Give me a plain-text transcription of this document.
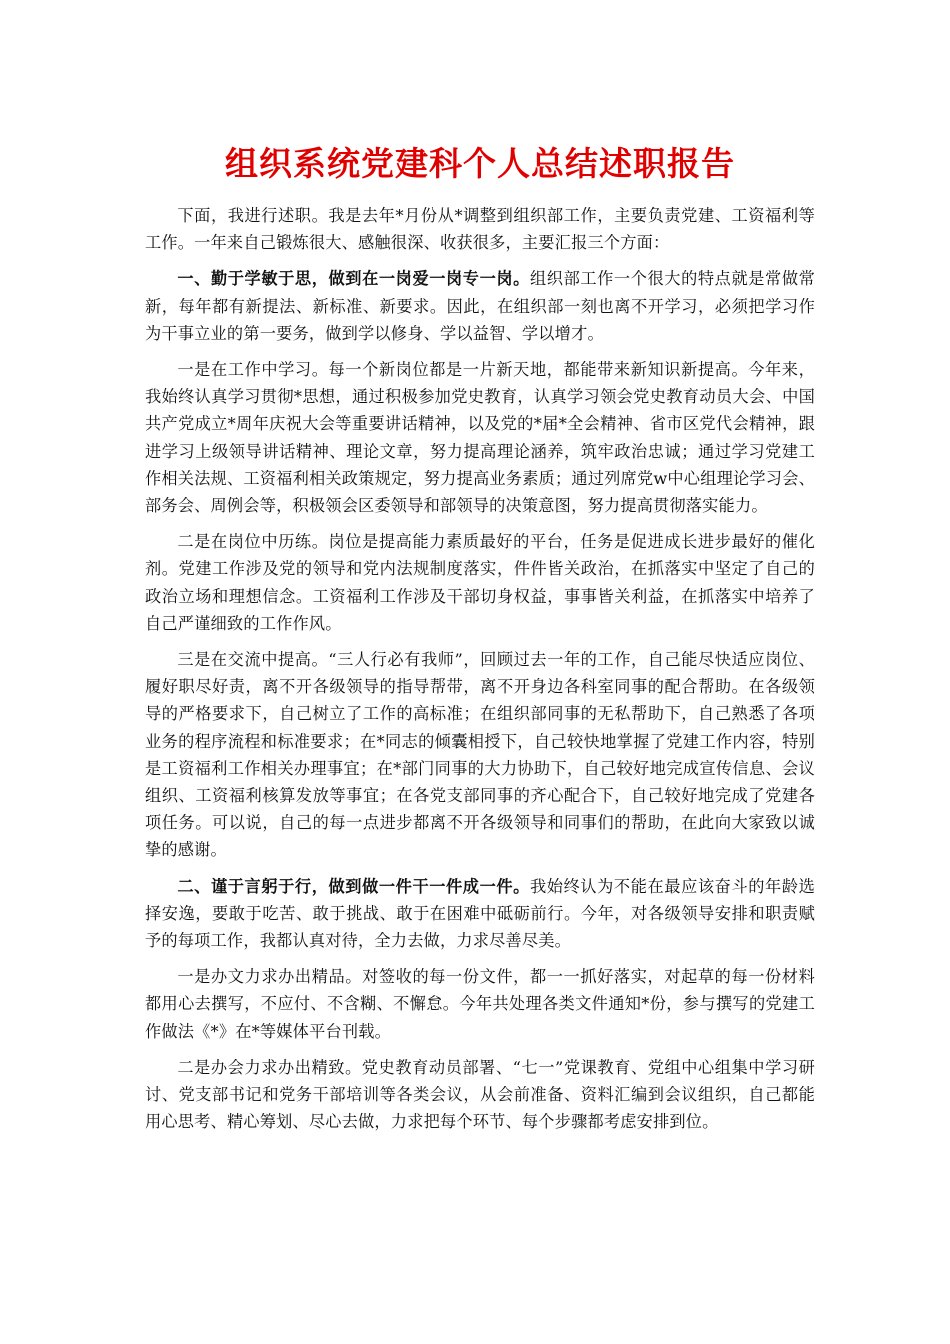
组织系统党建科个人总结述职报告

下面，我进行述职。我是去年*月份从*调整到组织部工作，主要负责党建、工资福利等工作。一年来自己锻炼很大、感触很深、收获很多，主要汇报三个方面：

一、勤于学敏于思，做到在一岗爱一岗专一岗。组织部工作一个很大的特点就是常做常新，每年都有新提法、新标准、新要求。因此，在组织部一刻也离不开学习，必须把学习作为干事立业的第一要务，做到学以修身、学以益智、学以增才。

一是在工作中学习。每一个新岗位都是一片新天地，都能带来新知识新提高。今年来，我始终认真学习贯彻*思想，通过积极参加党史教育，认真学习领会党史教育动员大会、中国共产党成立*周年庆祝大会等重要讲话精神，以及党的*届*全会精神、省市区党代会精神，跟进学习上级领导讲话精神、理论文章，努力提高理论涵养，筑牢政治忠诚；通过学习党建工作相关法规、工资福利相关政策规定，努力提高业务素质；通过列席党w中心组理论学习会、部务会、周例会等，积极领会区委领导和部领导的决策意图，努力提高贯彻落实能力。

二是在岗位中历练。岗位是提高能力素质最好的平台，任务是促进成长进步最好的催化剂。党建工作涉及党的领导和党内法规制度落实，件件皆关政治，在抓落实中坚定了自己的政治立场和理想信念。工资福利工作涉及干部切身权益，事事皆关利益，在抓落实中培养了自己严谨细致的工作作风。

三是在交流中提高。“三人行必有我师”，回顾过去一年的工作，自己能尽快适应岗位、履好职尽好责，离不开各级领导的指导帮带，离不开身边各科室同事的配合帮助。在各级领导的严格要求下，自己树立了工作的高标准；在组织部同事的无私帮助下，自己熟悉了各项业务的程序流程和标准要求；在*同志的倾囊相授下，自己较快地掌握了党建工作内容，特别是工资福利工作相关办理事宜；在*部门同事的大力协助下，自己较好地完成宣传信息、会议组织、工资福利核算发放等事宜；在各党支部同事的齐心配合下，自己较好地完成了党建各项任务。可以说，自己的每一点进步都离不开各级领导和同事们的帮助，在此向大家致以诚挚的感谢。

二、谨于言躬于行，做到做一件干一件成一件。我始终认为不能在最应该奋斗的年龄选择安逸，要敢于吃苦、敢于挑战、敢于在困难中砥砺前行。今年，对各级领导安排和职责赋予的每项工作，我都认真对待，全力去做，力求尽善尽美。

一是办文力求办出精品。对签收的每一份文件，都一一抓好落实，对起草的每一份材料都用心去撰写，不应付、不含糊、不懈怠。今年共处理各类文件通知*份，参与撰写的党建工作做法《*》在*等媒体平台刊载。

二是办会力求办出精致。党史教育动员部署、“七一”党课教育、党组中心组集中学习研讨、党支部书记和党务干部培训等各类会议，从会前准备、资料汇编到会议组织，自己都能用心思考、精心筹划、尽心去做，力求把每个环节、每个步骤都考虑安排到位。
